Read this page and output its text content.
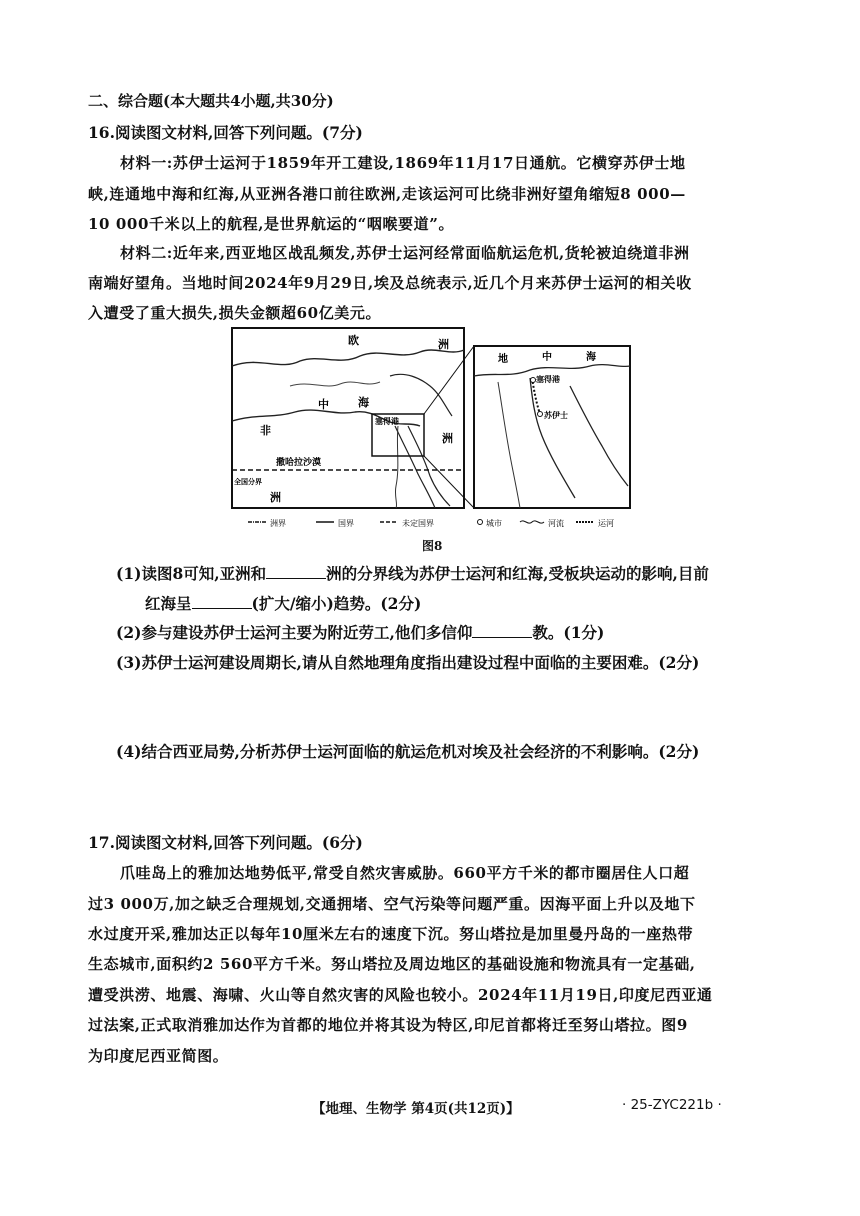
二、综合题(本大题共4小题,共30分)
16.阅读图文材料,回答下列问题。(7分)
材料一:苏伊士运河于1859年开工建设,1869年11月17日通航。它横穿苏伊士地
峡,连通地中海和红海,从亚洲各港口前往欧洲,走该运河可比绕非洲好望角缩短8 000—
10 000千米以上的航程,是世界航运的“咽喉要道”。
材料二:近年来,西亚地区战乱频发,苏伊士运河经常面临航运危机,货轮被迫绕道非洲
南端好望角。当地时间2024年9月29日,埃及总统表示,近几个月来苏伊士运河的相关收
入遭受了重大损失,损失金额超60亿美元。
欧	洲
中	海
非
洲
塞得港
撒哈拉沙漠
洲
全国分界
地	中	海
塞得港
苏伊士
洲界	国界	未定国界	城市	河流	运河
图8
(1)读图8可知,亚洲和	洲的分界线为苏伊士运河和红海,受板块运动的影响,目前
红海呈	(扩大/缩小)趋势。(2分)
(2)参与建设苏伊士运河主要为附近劳工,他们多信仰	教。(1分)
(3)苏伊士运河建设周期长,请从自然地理角度指出建设过程中面临的主要困难。(2分)
(4)结合西亚局势,分析苏伊士运河面临的航运危机对埃及社会经济的不利影响。(2分)
17.阅读图文材料,回答下列问题。(6分)
爪哇岛上的雅加达地势低平,常受自然灾害威胁。660平方千米的都市圈居住人口超
过3 000万,加之缺乏合理规划,交通拥堵、空气污染等问题严重。因海平面上升以及地下
水过度开采,雅加达正以每年10厘米左右的速度下沉。努山塔拉是加里曼丹岛的一座热带
生态城市,面积约2 560平方千米。努山塔拉及周边地区的基础设施和物流具有一定基础,
遭受洪涝、地震、海啸、火山等自然灾害的风险也较小。2024年11月19日,印度尼西亚通
过法案,正式取消雅加达作为首都的地位并将其设为特区,印尼首都将迁至努山塔拉。图9
为印度尼西亚简图。
【地理、生物学 第4页(共12页)】	· 25-ZYC221b ·
